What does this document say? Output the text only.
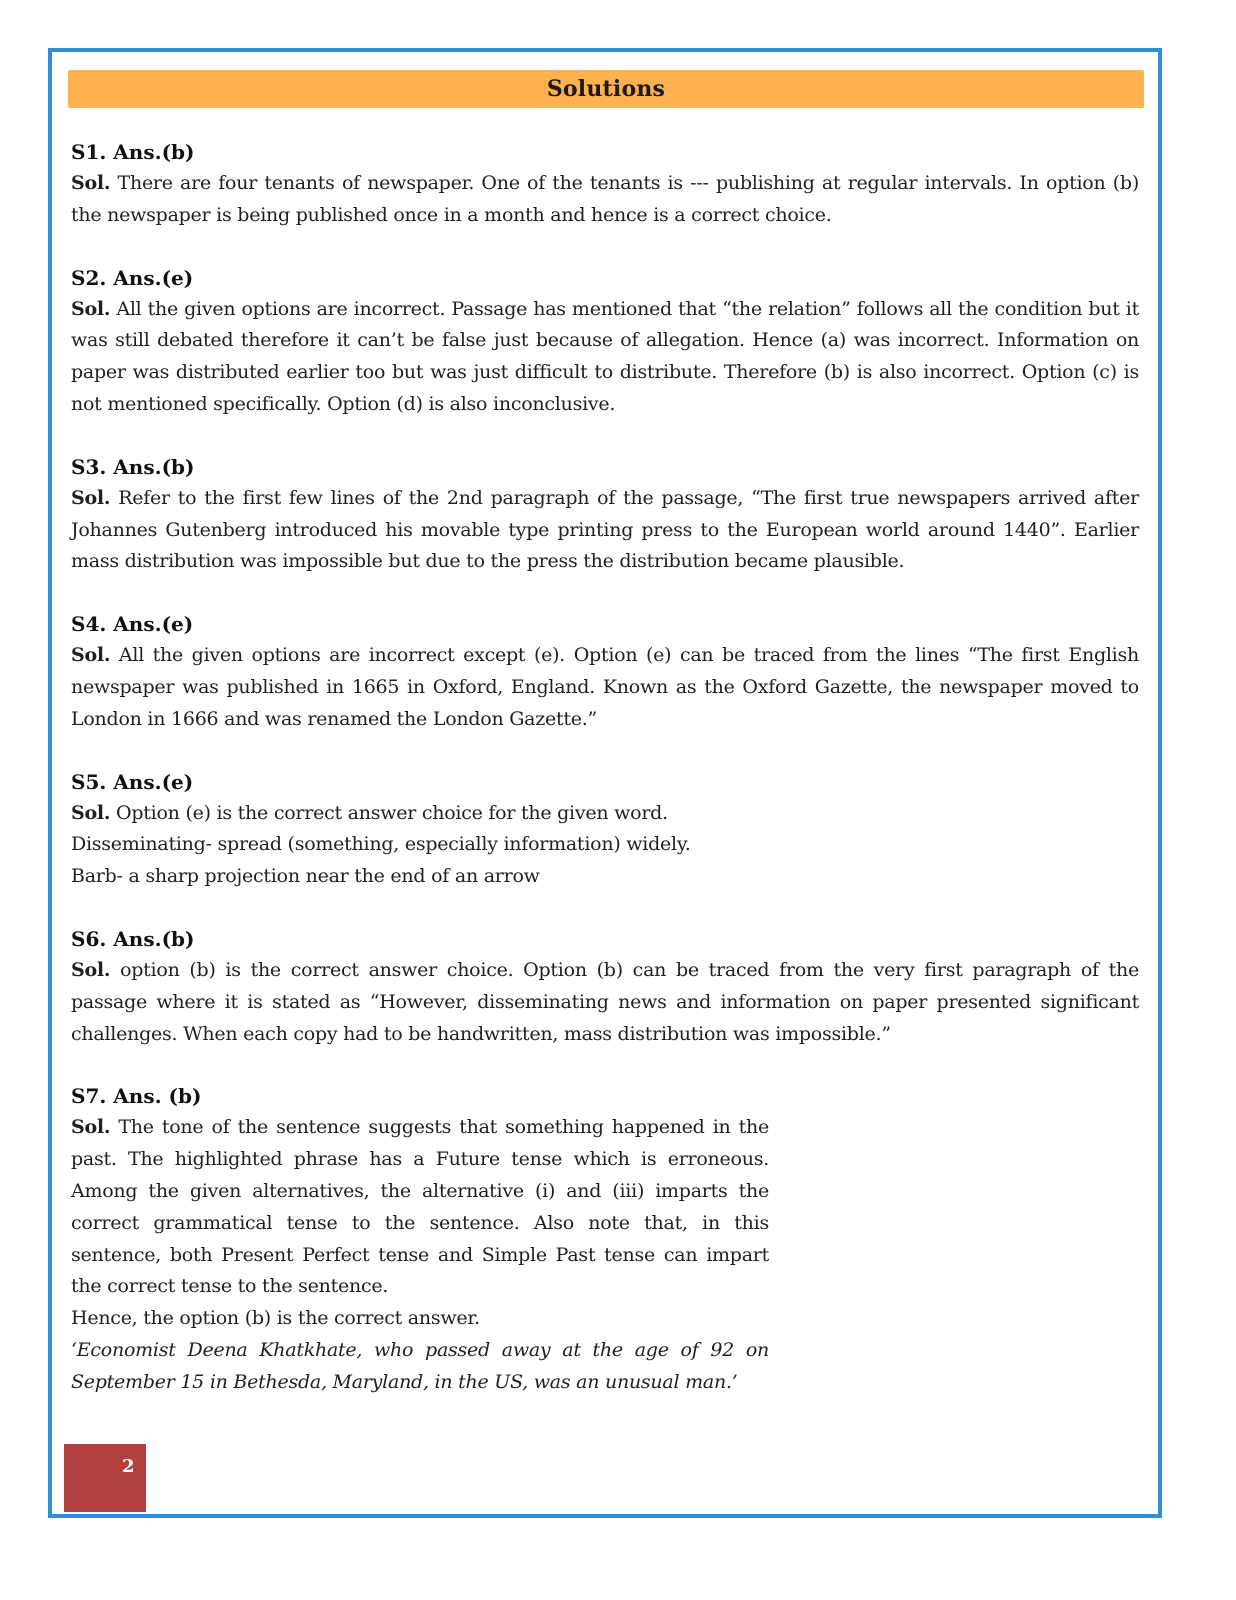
Solutions
S1. Ans.(b)

Sol. There are four tenants of newspaper. One of the tenants is --- publishing at regular intervals. In option (b) the newspaper is being published once in a month and hence is a correct choice.

S2. Ans.(e)

Sol. All the given options are incorrect. Passage has mentioned that “the relation” follows all the condition but it was still debated therefore it can’t be false just because of allegation. Hence (a) was incorrect. Information on paper was distributed earlier too but was just difficult to distribute. Therefore (b) is also incorrect. Option (c) is not mentioned specifically. Option (d) is also inconclusive.

S3. Ans.(b)

Sol. Refer to the first few lines of the 2nd paragraph of the passage, “The first true newspapers arrived after Johannes Gutenberg introduced his movable type printing press to the European world around 1440”. Earlier mass distribution was impossible but due to the press the distribution became plausible.

S4. Ans.(e)

Sol. All the given options are incorrect except (e). Option (e) can be traced from the lines “The first English newspaper was published in 1665 in Oxford, England. Known as the Oxford Gazette, the newspaper moved to London in 1666 and was renamed the London Gazette.”

S5. Ans.(e)

Sol. Option (e) is the correct answer choice for the given word.

Disseminating- spread (something, especially information) widely.
Barb- a sharp projection near the end of an arrow
S6. Ans.(b)

Sol. option (b) is the correct answer choice. Option (b) can be traced from the very first paragraph of the passage where it is stated as “However, disseminating news and information on paper presented significant challenges. When each copy had to be handwritten, mass distribution was impossible.”

S7. Ans. (b)

Sol. The tone of the sentence suggests that something happened in the past. The highlighted phrase has a Future tense which is erroneous. Among the given alternatives, the alternative (i) and (iii) imparts the correct grammatical tense to the sentence. Also note that, in this sentence, both Present Perfect tense and Simple Past tense can impart the correct tense to the sentence.

Hence, the option (b) is the correct answer.

‘Economist Deena Khatkhate, who passed away at the age of 92 on September 15 in Bethesda, Maryland, in the US, was an unusual man.’

2
